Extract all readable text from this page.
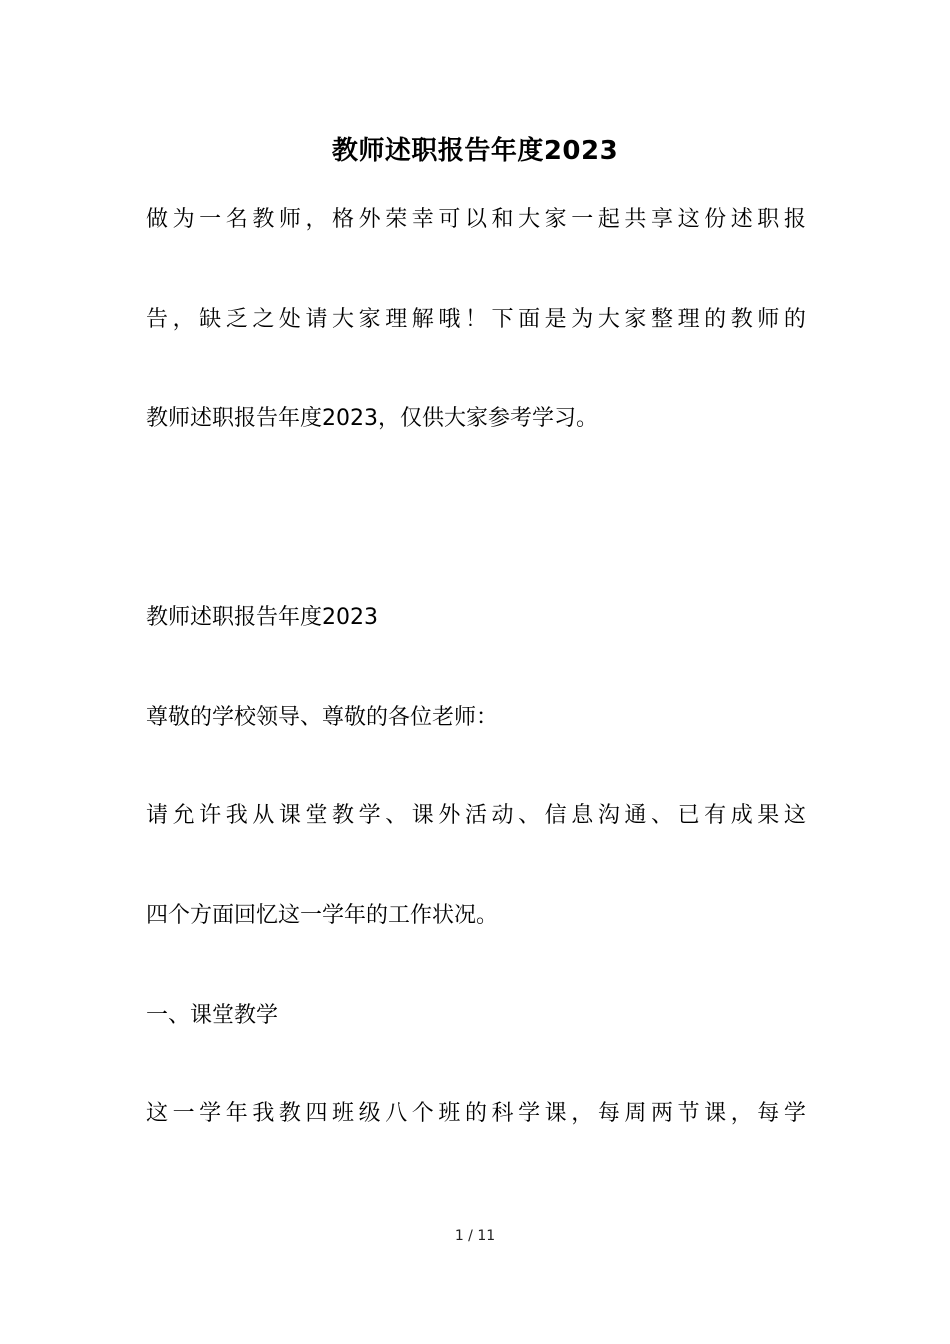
教师述职报告年度2023
做 为 一 名 教 师 ， 格 外 荣 幸 可 以 和 大 家 一 起 共 享 这 份 述 职 报
告 ， 缺 乏 之 处 请 大 家 理 解 哦 ！ 下 面 是 为 大 家 整 理 的 教 师 的
教师述职报告年度2023，仅供大家参考学习。
教师述职报告年度2023
尊敬的学校领导、尊敬的各位老师：
请 允 许 我 从 课 堂 教 学 、 课 外 活 动 、 信 息 沟 通 、 已 有 成 果 这
四个方面回忆这一学年的工作状况。
一、课堂教学
这 一 学 年 我 教 四 班 级 八 个 班 的 科 学 课 ， 每 周 两 节 课 ， 每 学
1 / 11
